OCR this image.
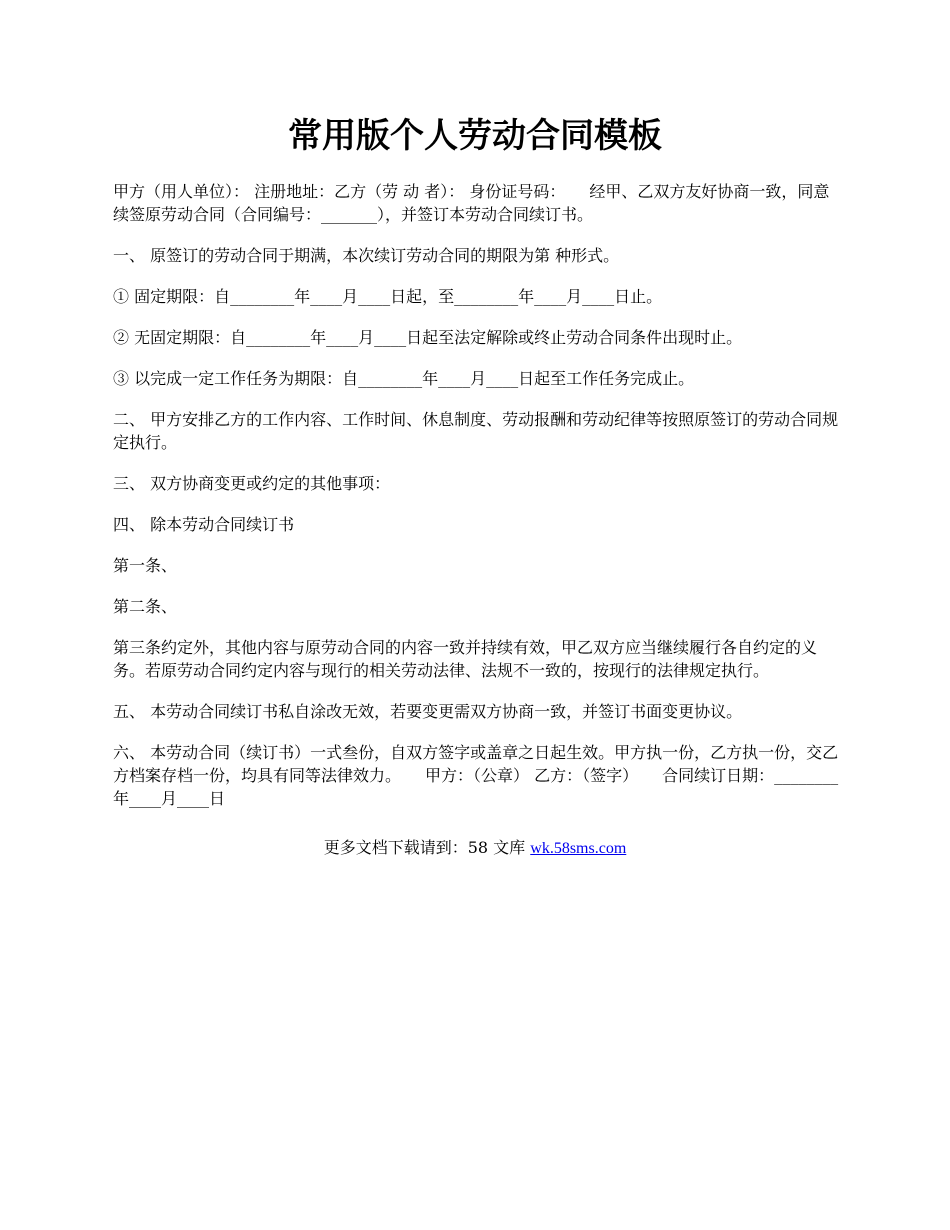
常用版个人劳动合同模板

甲方（用人单位）： 注册地址：乙方（劳 动 者）： 身份证号码：　　经甲、乙双方友好协商一致，同意续签原劳动合同（合同编号：_______），并签订本劳动合同续订书。

一、 原签订的劳动合同于期满，本次续订劳动合同的期限为第 种形式。

① 固定期限：自________年____月____日起，至________年____月____日止。

② 无固定期限：自________年____月____日起至法定解除或终止劳动合同条件出现时止。

③ 以完成一定工作任务为期限：自________年____月____日起至工作任务完成止。

二、 甲方安排乙方的工作内容、工作时间、休息制度、劳动报酬和劳动纪律等按照原签订的劳动合同规定执行。

三、 双方协商变更或约定的其他事项：

四、 除本劳动合同续订书

第一条、

第二条、

第三条约定外，其他内容与原劳动合同的内容一致并持续有效，甲乙双方应当继续履行各自约定的义务。若原劳动合同约定内容与现行的相关劳动法律、法规不一致的，按现行的法律规定执行。

五、 本劳动合同续订书私自涂改无效，若要变更需双方协商一致，并签订书面变更协议。

六、 本劳动合同（续订书）一式叁份，自双方签字或盖章之日起生效。甲方执一份，乙方执一份，交乙方档案存档一份，均具有同等法律效力。　　甲方：（公章） 乙方：（签字）　　合同续订日期：________年____月____日

更多文档下载请到：58 文库 wk.58sms.com
